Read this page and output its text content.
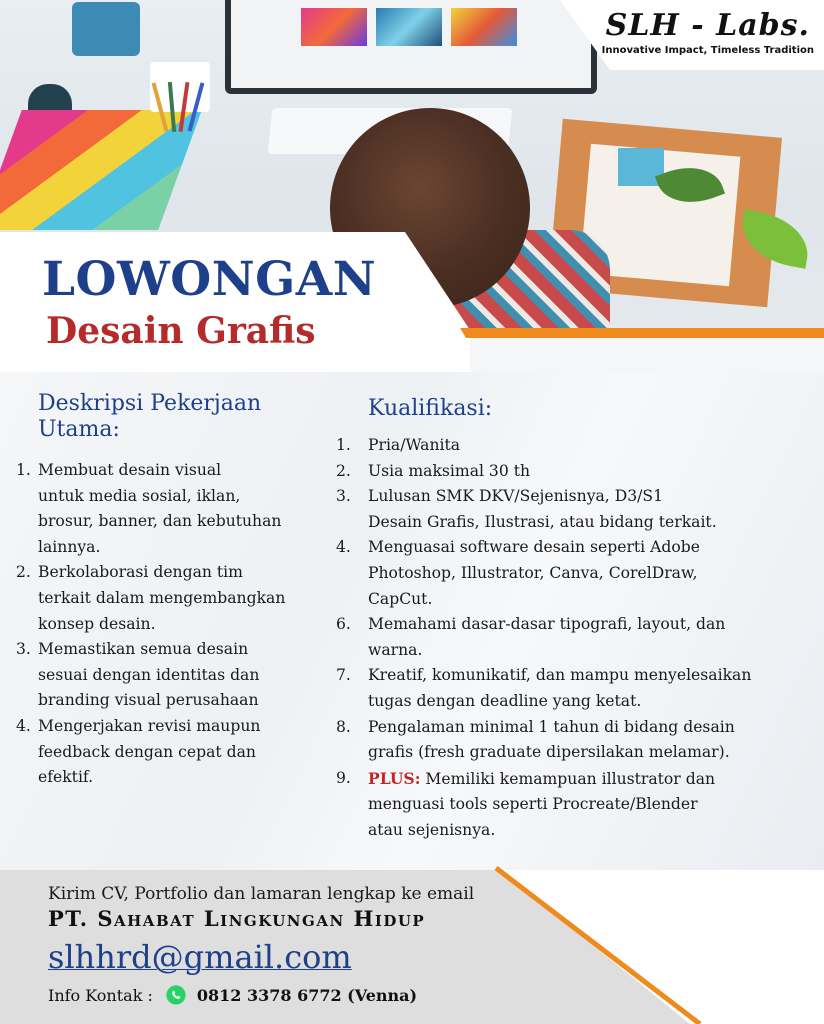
SLH - Labs.
Innovative Impact, Timeless Tradition
LOWONGAN
Desain Grafis
Deskripsi Pekerjaan
Utama:
1. Membuat desain visual
untuk media sosial, iklan,
brosur, banner, dan kebutuhan
lainnya.
2. Berkolaborasi dengan tim
terkait dalam mengembangkan
konsep desain.
3. Memastikan semua desain
sesuai dengan identitas dan
branding visual perusahaan
4. Mengerjakan revisi maupun
feedback dengan cepat dan
efektif.
Kualifikasi:
1. Pria/Wanita
2. Usia maksimal 30 th
3. Lulusan SMK DKV/Sejenisnya, D3/S1
Desain Grafis, Ilustrasi, atau bidang terkait.
4. Menguasai software desain seperti Adobe
Photoshop, Illustrator, Canva, CorelDraw,
CapCut.
6. Memahami dasar-dasar tipografi, layout, dan
warna.
7. Kreatif, komunikatif, dan mampu menyelesaikan
tugas dengan deadline yang ketat.
8. Pengalaman minimal 1 tahun di bidang desain
grafis (fresh graduate dipersilakan melamar).
9. PLUS: Memiliki kemampuan illustrator dan
menguasi tools seperti Procreate/Blender
atau sejenisnya.
Kirim CV, Portfolio dan lamaran lengkap ke email
PT. Sahabat Lingkungan Hidup
slhhrd@gmail.com
Info Kontak :	0812 3378 6772 (Venna)
